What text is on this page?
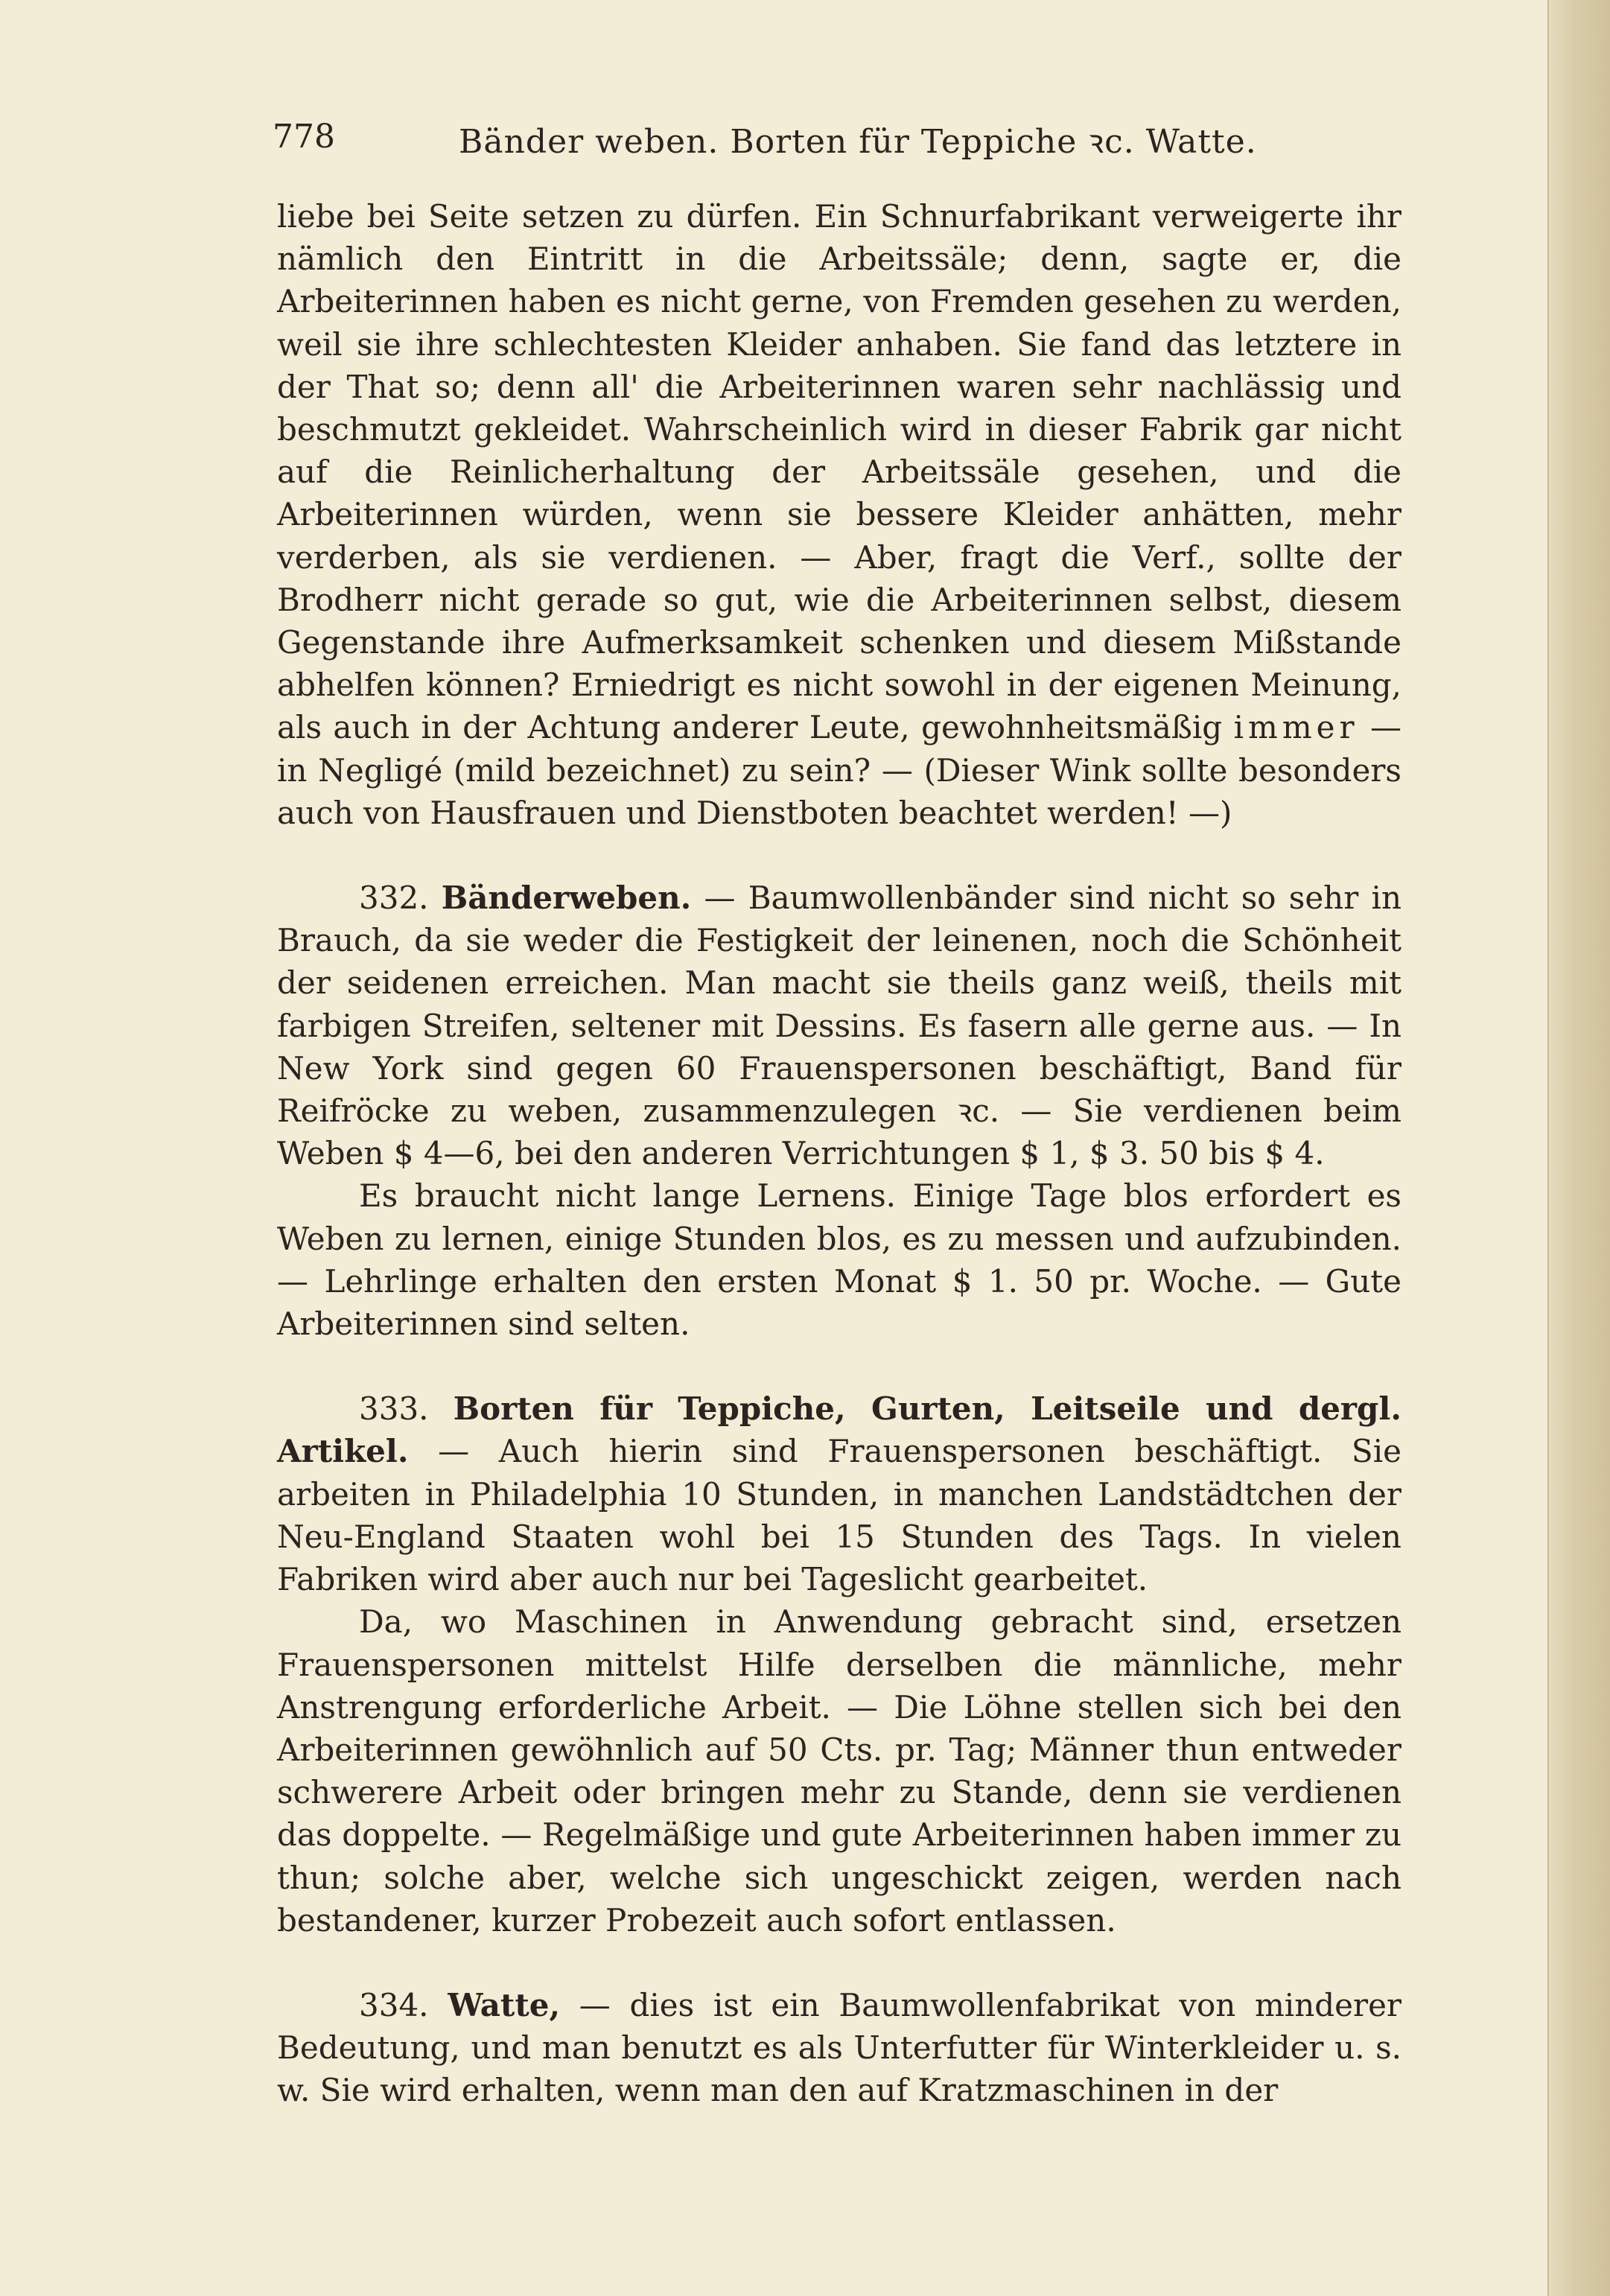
778	Bänder weben. Borten für Teppiche ꝛc. Watte.

liebe bei Seite setzen zu dürfen. Ein Schnurfabrikant verweigerte ihr nämlich den Eintritt in die Arbeitssäle; denn, sagte er, die Arbeiterinnen haben es nicht gerne, von Fremden gesehen zu werden, weil sie ihre schlechtesten Kleider anhaben. Sie fand das letztere in der That so; denn all' die Arbeiterinnen waren sehr nachlässig und beschmutzt gekleidet. Wahrscheinlich wird in dieser Fabrik gar nicht auf die Reinlicherhaltung der Arbeitssäle gesehen, und die Arbeiterinnen würden, wenn sie bessere Kleider anhätten, mehr verderben, als sie verdienen. — Aber, fragt die Verf., sollte der Brodherr nicht gerade so gut, wie die Arbeiterinnen selbst, diesem Gegenstande ihre Aufmerksamkeit schenken und diesem Mißstande abhelfen können? Erniedrigt es nicht sowohl in der eigenen Meinung, als auch in der Achtung anderer Leute, gewohnheitsmäßig immer — in Negligé (mild bezeichnet) zu sein? — (Dieser Wink sollte besonders auch von Hausfrauen und Dienstboten beachtet werden! —)

332. Bänderweben. — Baumwollenbänder sind nicht so sehr in Brauch, da sie weder die Festigkeit der leinenen, noch die Schönheit der seidenen erreichen. Man macht sie theils ganz weiß, theils mit farbigen Streifen, seltener mit Dessins. Es fasern alle gerne aus. — In New York sind gegen 60 Frauenspersonen beschäftigt, Band für Reifröcke zu weben, zusammenzulegen ꝛc. — Sie verdienen beim Weben $ 4—6, bei den anderen Verrichtungen $ 1, $ 3. 50 bis $ 4.

Es braucht nicht lange Lernens. Einige Tage blos erfordert es Weben zu lernen, einige Stunden blos, es zu messen und aufzubinden. — Lehrlinge erhalten den ersten Monat $ 1. 50 pr. Woche. — Gute Arbeiterinnen sind selten.

333. Borten für Teppiche, Gurten, Leitseile und dergl. Artikel. — Auch hierin sind Frauenspersonen beschäftigt. Sie arbeiten in Philadelphia 10 Stunden, in manchen Landstädtchen der Neu-England Staaten wohl bei 15 Stunden des Tags. In vielen Fabriken wird aber auch nur bei Tageslicht gearbeitet.

Da, wo Maschinen in Anwendung gebracht sind, ersetzen Frauenspersonen mittelst Hilfe derselben die männliche, mehr Anstrengung erforderliche Arbeit. — Die Löhne stellen sich bei den Arbeiterinnen gewöhnlich auf 50 Cts. pr. Tag; Männer thun entweder schwerere Arbeit oder bringen mehr zu Stande, denn sie verdienen das doppelte. — Regelmäßige und gute Arbeiterinnen haben immer zu thun; solche aber, welche sich ungeschickt zeigen, werden nach bestandener, kurzer Probezeit auch sofort entlassen.

334. Watte, — dies ist ein Baumwollenfabrikat von minderer Bedeutung, und man benutzt es als Unterfutter für Winterkleider u. s. w. Sie wird erhalten, wenn man den auf Kratzmaschinen in der
